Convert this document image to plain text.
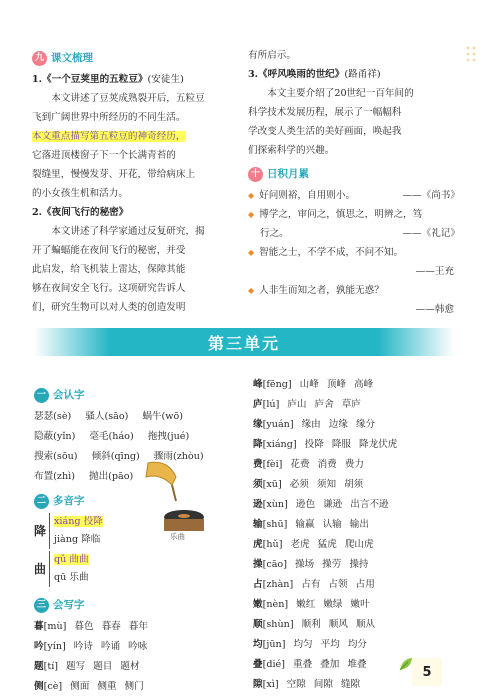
九 课文梳理
1.《一个豆荚里的五粒豆》(安徒生)
本文讲述了豆荚成熟裂开后，五粒豆
飞到广阔世界中所经历的不同生活。
本文重点描写第五粒豆的神奇经历，
它落进顶楼窗子下一个长满青苔的
裂缝里，慢慢发芽、开花，带给病床上
的小女孩生机和活力。
2.《夜间飞行的秘密》
本文讲述了科学家通过反复研究，揭
开了蝙蝠能在夜间飞行的秘密，并受
此启发，给飞机装上雷达，保障其能
够在夜间安全飞行。这项研究告诉人
们，研究生物可以对人类的创造发明
有所启示。
3.《呼风唤雨的世纪》(路甬祥)
本文主要介绍了20世纪一百年间的
科学技术发展历程，展示了一幅幅科
学改变人类生活的美好画面，唤起我
们探索科学的兴趣。
十 日积月累
◆ 好问则裕，自用则小。	——《尚书》
◆ 博学之，审问之，慎思之，明辨之，笃
行之。	——《礼记》
◆ 智能之士，不学不成，不问不知。
——王充
◆ 人非生而知之者，孰能无惑？
——韩愈
第三单元
一 会认字
瑟瑟(sè) 骚人(sāo) 蜗牛(wō)
隐蔽(yǐn) 毫毛(háo) 拖拽(jué)
搜索(sōu) 倾斜(qīng) 骤雨(zhòu)
布置(zhì) 抛出(pāo)
二 多音字
降
xiáng 投降
jiàng 降临
曲
qǔ 曲曲
qū 乐曲
三 会写字
暮[mù] 暮色 暮春 暮年
吟[yín] 吟诗 吟诵 吟咏
题[tí] 题写 题目 题材
侧[cè] 侧面 侧重 侧门
乐曲
峰[fēng] 山峰 顶峰 高峰
庐[lú] 庐山 庐舍 草庐
缘[yuán] 缘由 边缘 缘分
降[xiáng] 投降 降服 降龙伏虎
费[fèi] 花费 消费 费力
须[xū] 必须 须知 胡须
逊[xùn] 逊色 谦逊 出言不逊
输[shū] 输赢 认输 输出
虎[hǔ] 老虎 猛虎 爬山虎
操[cāo] 操场 操劳 操持
占[zhàn] 占有 占领 占用
嫩[nèn] 嫩红 嫩绿 嫩叶
顺[shùn] 顺利 顺风 顺从
均[jūn] 均匀 平均 均分
叠[dié] 重叠 叠加 堆叠
隙[xì] 空隙 间隙 缝隙
5
